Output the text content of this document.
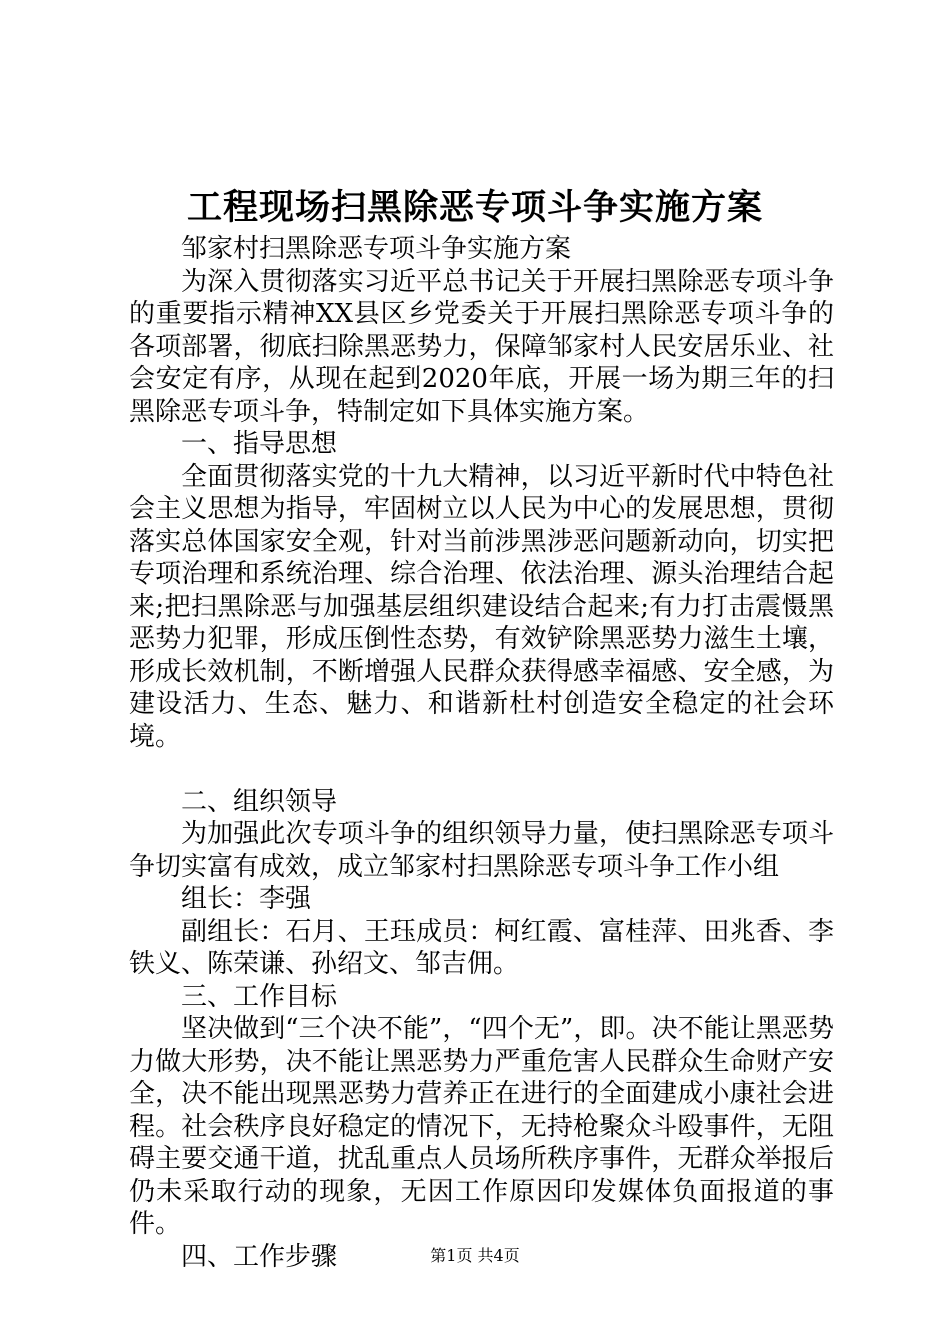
工程现场扫黑除恶专项斗争实施方案

邹家村扫黑除恶专项斗争实施方案

为深入贯彻落实习近平总书记关于开展扫黑除恶专项斗争的重要指示精神XX县区乡党委关于开展扫黑除恶专项斗争的各项部署，彻底扫除黑恶势力，保障邹家村人民安居乐业、社会安定有序，从现在起到2020年底，开展一场为期三年的扫黑除恶专项斗争，特制定如下具体实施方案。

一、指导思想

全面贯彻落实党的十九大精神，以习近平新时代中特色社会主义思想为指导，牢固树立以人民为中心的发展思想，贯彻落实总体国家安全观，针对当前涉黑涉恶问题新动向，切实把专项治理和系统治理、综合治理、依法治理、源头治理结合起来;把扫黑除恶与加强基层组织建设结合起来;有力打击震慑黑恶势力犯罪，形成压倒性态势，有效铲除黑恶势力滋生土壤，形成长效机制，不断增强人民群众获得感幸福感、安全感，为建设活力、生态、魅力、和谐新杜村创造安全稳定的社会环境。

二、组织领导

为加强此次专项斗争的组织领导力量，使扫黑除恶专项斗争切实富有成效，成立邹家村扫黑除恶专项斗争工作小组

组长：李强

副组长：石月、王珏成员：柯红霞、富桂萍、田兆香、李铁义、陈荣谦、孙绍文、邹吉佣。

三、工作目标

坚决做到“三个决不能”，“四个无”，即。决不能让黑恶势力做大形势，决不能让黑恶势力严重危害人民群众生命财产安全，决不能出现黑恶势力营养正在进行的全面建成小康社会进程。社会秩序良好稳定的情况下，无持枪聚众斗殴事件，无阻碍主要交通干道，扰乱重点人员场所秩序事件，无群众举报后仍未采取行动的现象，无因工作原因印发媒体负面报道的事件。

四、工作步骤	第1页 共4页
